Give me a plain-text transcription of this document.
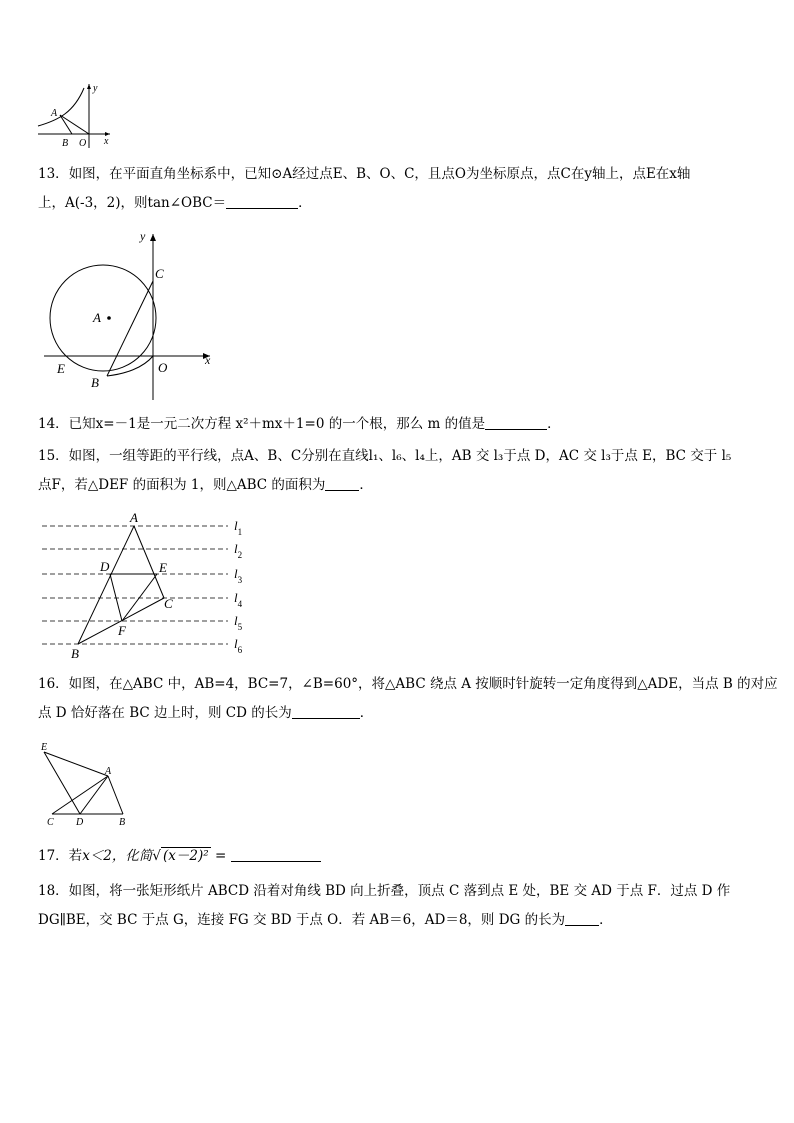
y
x
A
B O

13．如图，在平面直角坐标系中，已知⊙A经过点E、B、O、C，且点O为坐标原点，点C在y轴上，点E在x轴

上，A(-3，2)，则tan∠OBC＝	．

y
x
C
A
E
B
O

14．已知x=－1是一元二次方程 x²＋mx＋1=0 的一个根，那么 m 的值是	．

15．如图，一组等距的平行线，点A、B、C分别在直线l₁、l₆、l₄上，AB 交 l₃于点 D，AC 交 l₃于点 E，BC 交于 l₅

点F，若△DEF 的面积为 1，则△ABC 的面积为	．

A
D	E
C
F
B
$l_1$
$l_2$
$l_3$
$l_4$
$l_5$
$l_6$

16．如图，在△ABC 中，AB=4，BC=7，∠B=60°，将△ABC 绕点 A 按顺时针旋转一定角度得到△ADE，当点 B 的对应

点 D 恰好落在 BC 边上时，则 CD 的长为	．

E
A
C D	B

17．若x＜2，化简√ (x－2)² =

18．如图，将一张矩形纸片 ABCD 沿着对角线 BD 向上折叠，顶点 C 落到点 E 处，BE 交 AD 于点 F．过点 D 作

DG∥BE，交 BC 于点 G，连接 FG 交 BD 于点 O．若 AB＝6，AD＝8，则 DG 的长为	．
